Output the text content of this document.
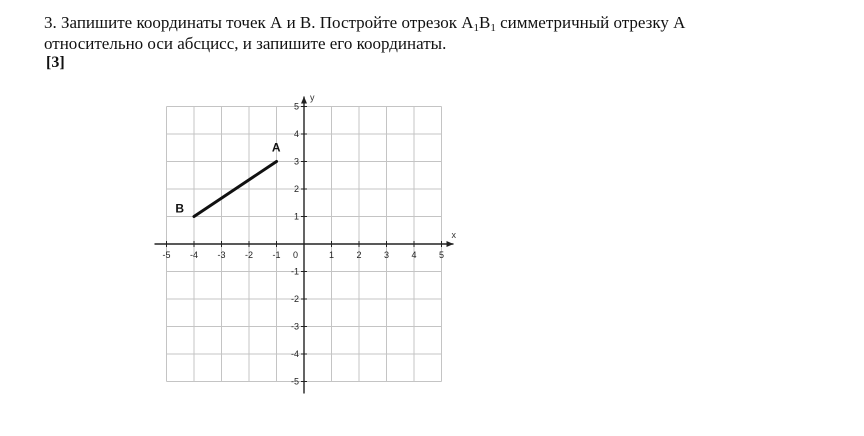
3. Запишите координаты точек А и В. Постройте отрезок $А_1В_1$ симметричный отрезку А
относительно оси абсцисс, и запишите его координаты.
[3]
-5 -4 -3 -2 -1	1 2 3 4 5
-5
-4
-3
-2
-1
1
2
3
4
5
0
x
y
A
B
